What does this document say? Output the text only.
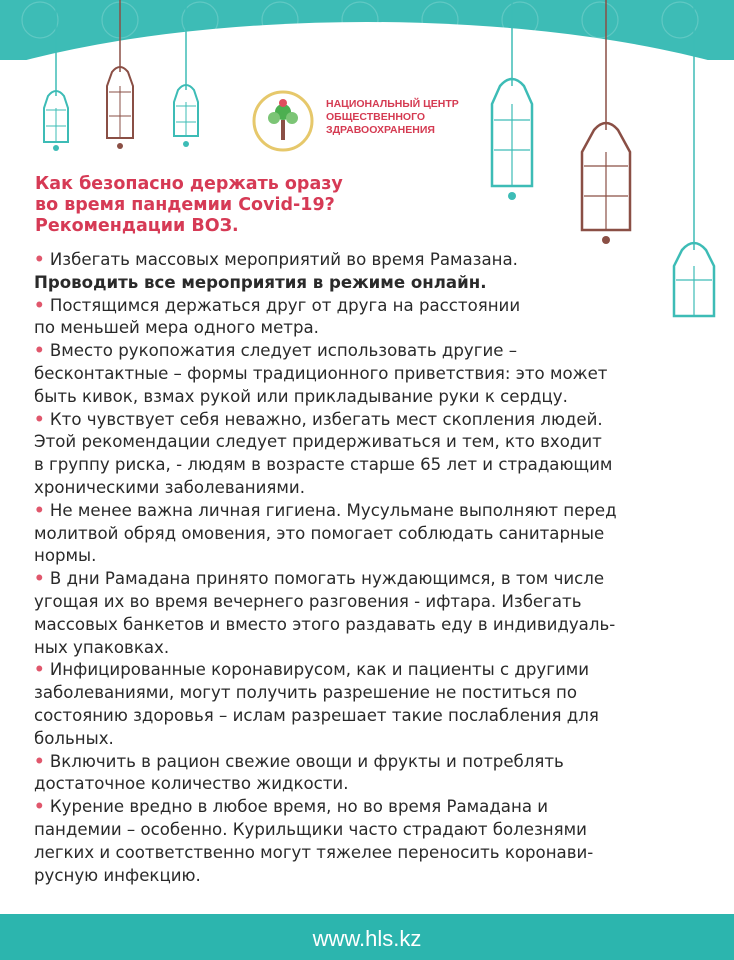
НАЦИОНАЛЬНЫЙ ЦЕНТР
ОБЩЕСТВЕННОГО
ЗДРАВООХРАНЕНИЯ
Как безопасно держать оразу
во время пандемии Covid-19?
Рекомендации ВОЗ.
• Избегать массовых мероприятий во время Рамазана.
Проводить все мероприятия в режиме онлайн.
• Постящимся держаться друг от друга на расстоянии
по меньшей мера одного метра.
• Вместо рукопожатия следует использовать другие –
бесконтактные – формы традиционного приветствия: это может
быть кивок, взмах рукой или прикладывание руки к сердцу.
• Кто чувствует себя неважно, избегать мест скопления людей.
Этой рекомендации следует придерживаться и тем, кто входит
в группу риска, - людям в возрасте старше 65 лет и страдающим
хроническими заболеваниями.
• Не менее важна личная гигиена. Мусульмане выполняют перед
молитвой обряд омовения, это помогает соблюдать санитарные
нормы.
• В дни Рамадана принято помогать нуждающимся, в том числе
угощая их во время вечернего разговения - ифтара. Избегать
массовых банкетов и вместо этого раздавать еду в индивидуаль-
ных упаковках.
• Инфицированные коронавирусом, как и пациенты с другими
заболеваниями, могут получить разрешение не поститься по
состоянию здоровья – ислам разрешает такие послабления для
больных.
• Включить в рацион свежие овощи и фрукты и потреблять
достаточное количество жидкости.
• Курение вредно в любое время, но во время Рамадана и
пандемии – особенно. Курильщики часто страдают болезнями
легких и соответственно могут тяжелее переносить коронави-
русную инфекцию.
www.hls.kz
